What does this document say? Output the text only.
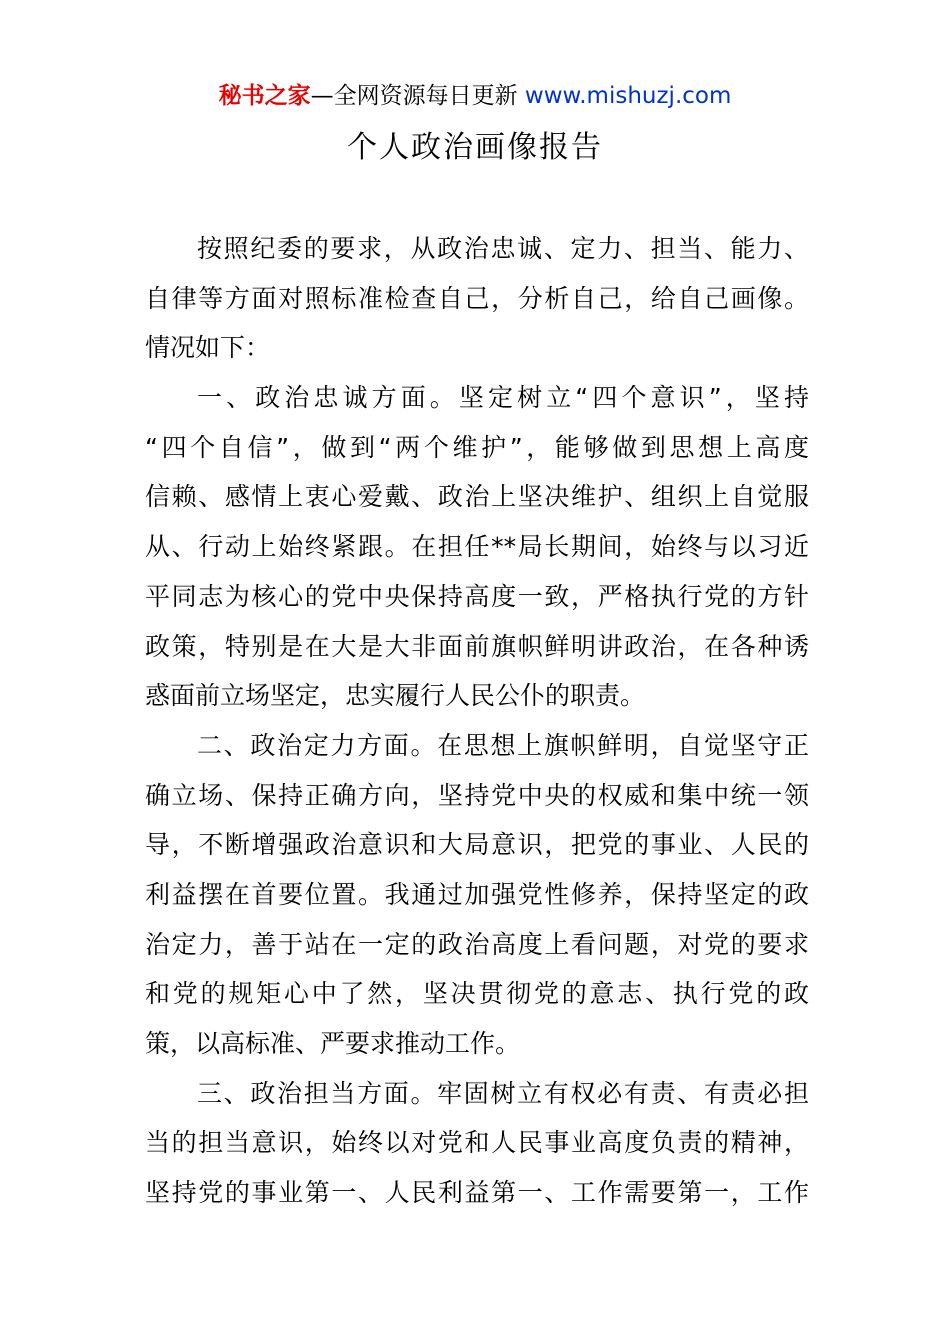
秘书之家—全网资源每日更新 www.mishuzj.com
个人政治画像报告
按照纪委的要求，从政治忠诚、定力、担当、能力、
自律等方面对照标准检查自己，分析自己，给自己画像。
情况如下：
一、政治忠诚方面。坚定树立“四个意识”，坚持
“四个自信”，做到“两个维护”，能够做到思想上高度
信赖、感情上衷心爱戴、政治上坚决维护、组织上自觉服
从、行动上始终紧跟。在担任**局长期间，始终与以习近
平同志为核心的党中央保持高度一致，严格执行党的方针
政策，特别是在大是大非面前旗帜鲜明讲政治，在各种诱
惑面前立场坚定，忠实履行人民公仆的职责。
二、政治定力方面。在思想上旗帜鲜明，自觉坚守正
确立场、保持正确方向，坚持党中央的权威和集中统一领
导，不断增强政治意识和大局意识，把党的事业、人民的
利益摆在首要位置。我通过加强党性修养，保持坚定的政
治定力，善于站在一定的政治高度上看问题，对党的要求
和党的规矩心中了然，坚决贯彻党的意志、执行党的政
策，以高标准、严要求推动工作。
三、政治担当方面。牢固树立有权必有责、有责必担
当的担当意识，始终以对党和人民事业高度负责的精神，
坚持党的事业第一、人民利益第一、工作需要第一，工作
